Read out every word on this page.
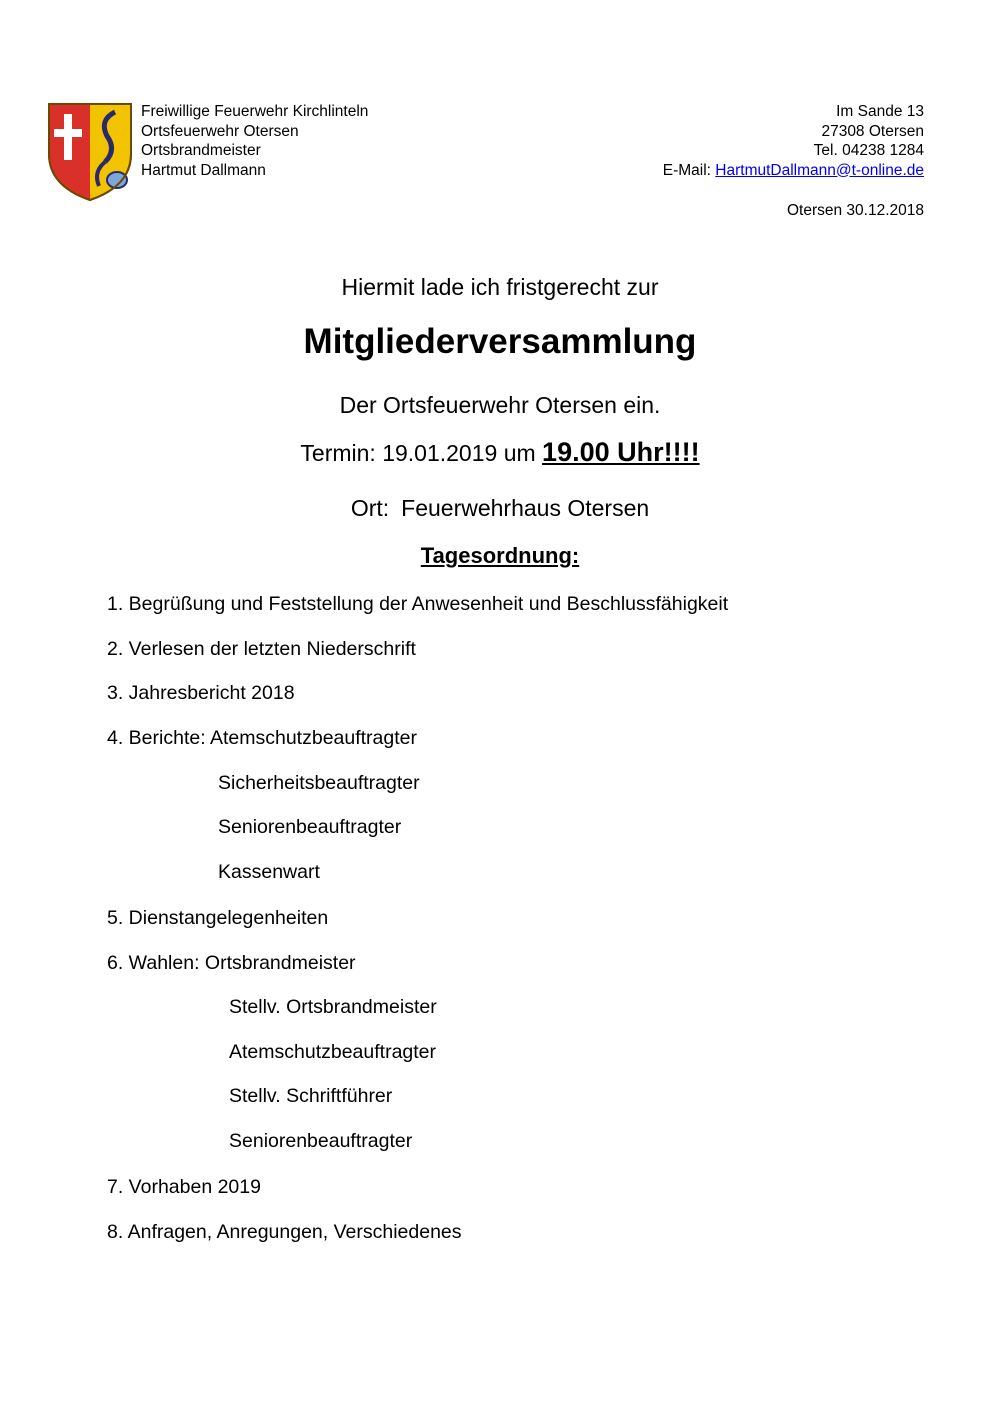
Freiwillige Feuerwehr Kirchlinteln
Ortsfeuerwehr Otersen
Ortsbrandmeister
Hartmut Dallmann
Im Sande 13
27308 Otersen
Tel. 04238 1284
E-Mail: HartmutDallmann@t-online.de
Otersen 30.12.2018
Hiermit lade ich fristgerecht zur
Mitgliederversammlung
Der Ortsfeuerwehr Otersen ein.
Termin: 19.01.2019 um 19.00 Uhr!!!!
Ort: Feuerwehrhaus Otersen
Tagesordnung:
1. Begrüßung und Feststellung der Anwesenheit und Beschlussfähigkeit
2. Verlesen der letzten Niederschrift
3. Jahresbericht 2018
4. Berichte: Atemschutzbeauftragter
Sicherheitsbeauftragter
Seniorenbeauftragter
Kassenwart
5. Dienstangelegenheiten
6. Wahlen: Ortsbrandmeister
Stellv. Ortsbrandmeister
Atemschutzbeauftragter
Stellv. Schriftführer
Seniorenbeauftragter
7. Vorhaben 2019
8. Anfragen, Anregungen, Verschiedenes
